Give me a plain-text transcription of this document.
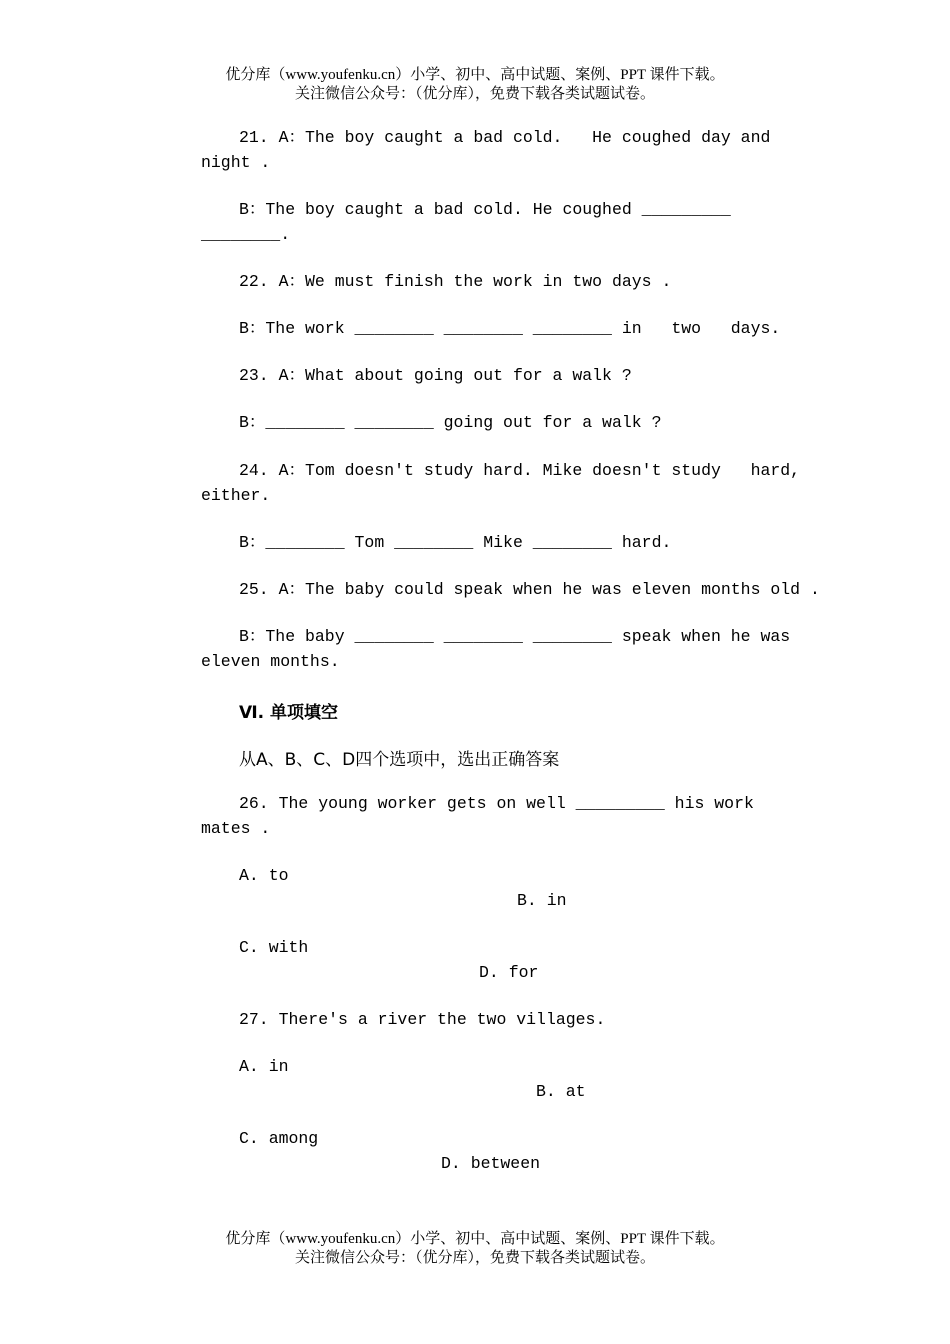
优分库（www.youfenku.cn）小学、初中、高中试题、案例、PPT 课件下载。
关注微信公众号：（优分库），免费下载各类试题试卷。
21. A：The boy caught a bad cold.   He coughed day and
night .
B：The boy caught a bad cold. He coughed _________
________.
22. A：We must finish the work in two days .
B：The work ________ ________ ________ in   two   days.
23. A：What about going out for a walk ?
B：________ ________ going out for a walk ?
24. A：Tom doesn't study hard. Mike doesn't study   hard,
either.
B：________ Tom ________ Mike ________ hard.
25. A：The baby could speak when he was eleven months old .
B：The baby ________ ________ ________ speak when he was
eleven months.
Ⅵ. 单项填空
从A、B、C、D四个选项中，选出正确答案
26. The young worker gets on well _________ his work
mates .
A. to
B. in
C. with
D. for
27. There's a river the two villages.
A. in
B. at
C. among
D. between
优分库（www.youfenku.cn）小学、初中、高中试题、案例、PPT 课件下载。
关注微信公众号：（优分库），免费下载各类试题试卷。
